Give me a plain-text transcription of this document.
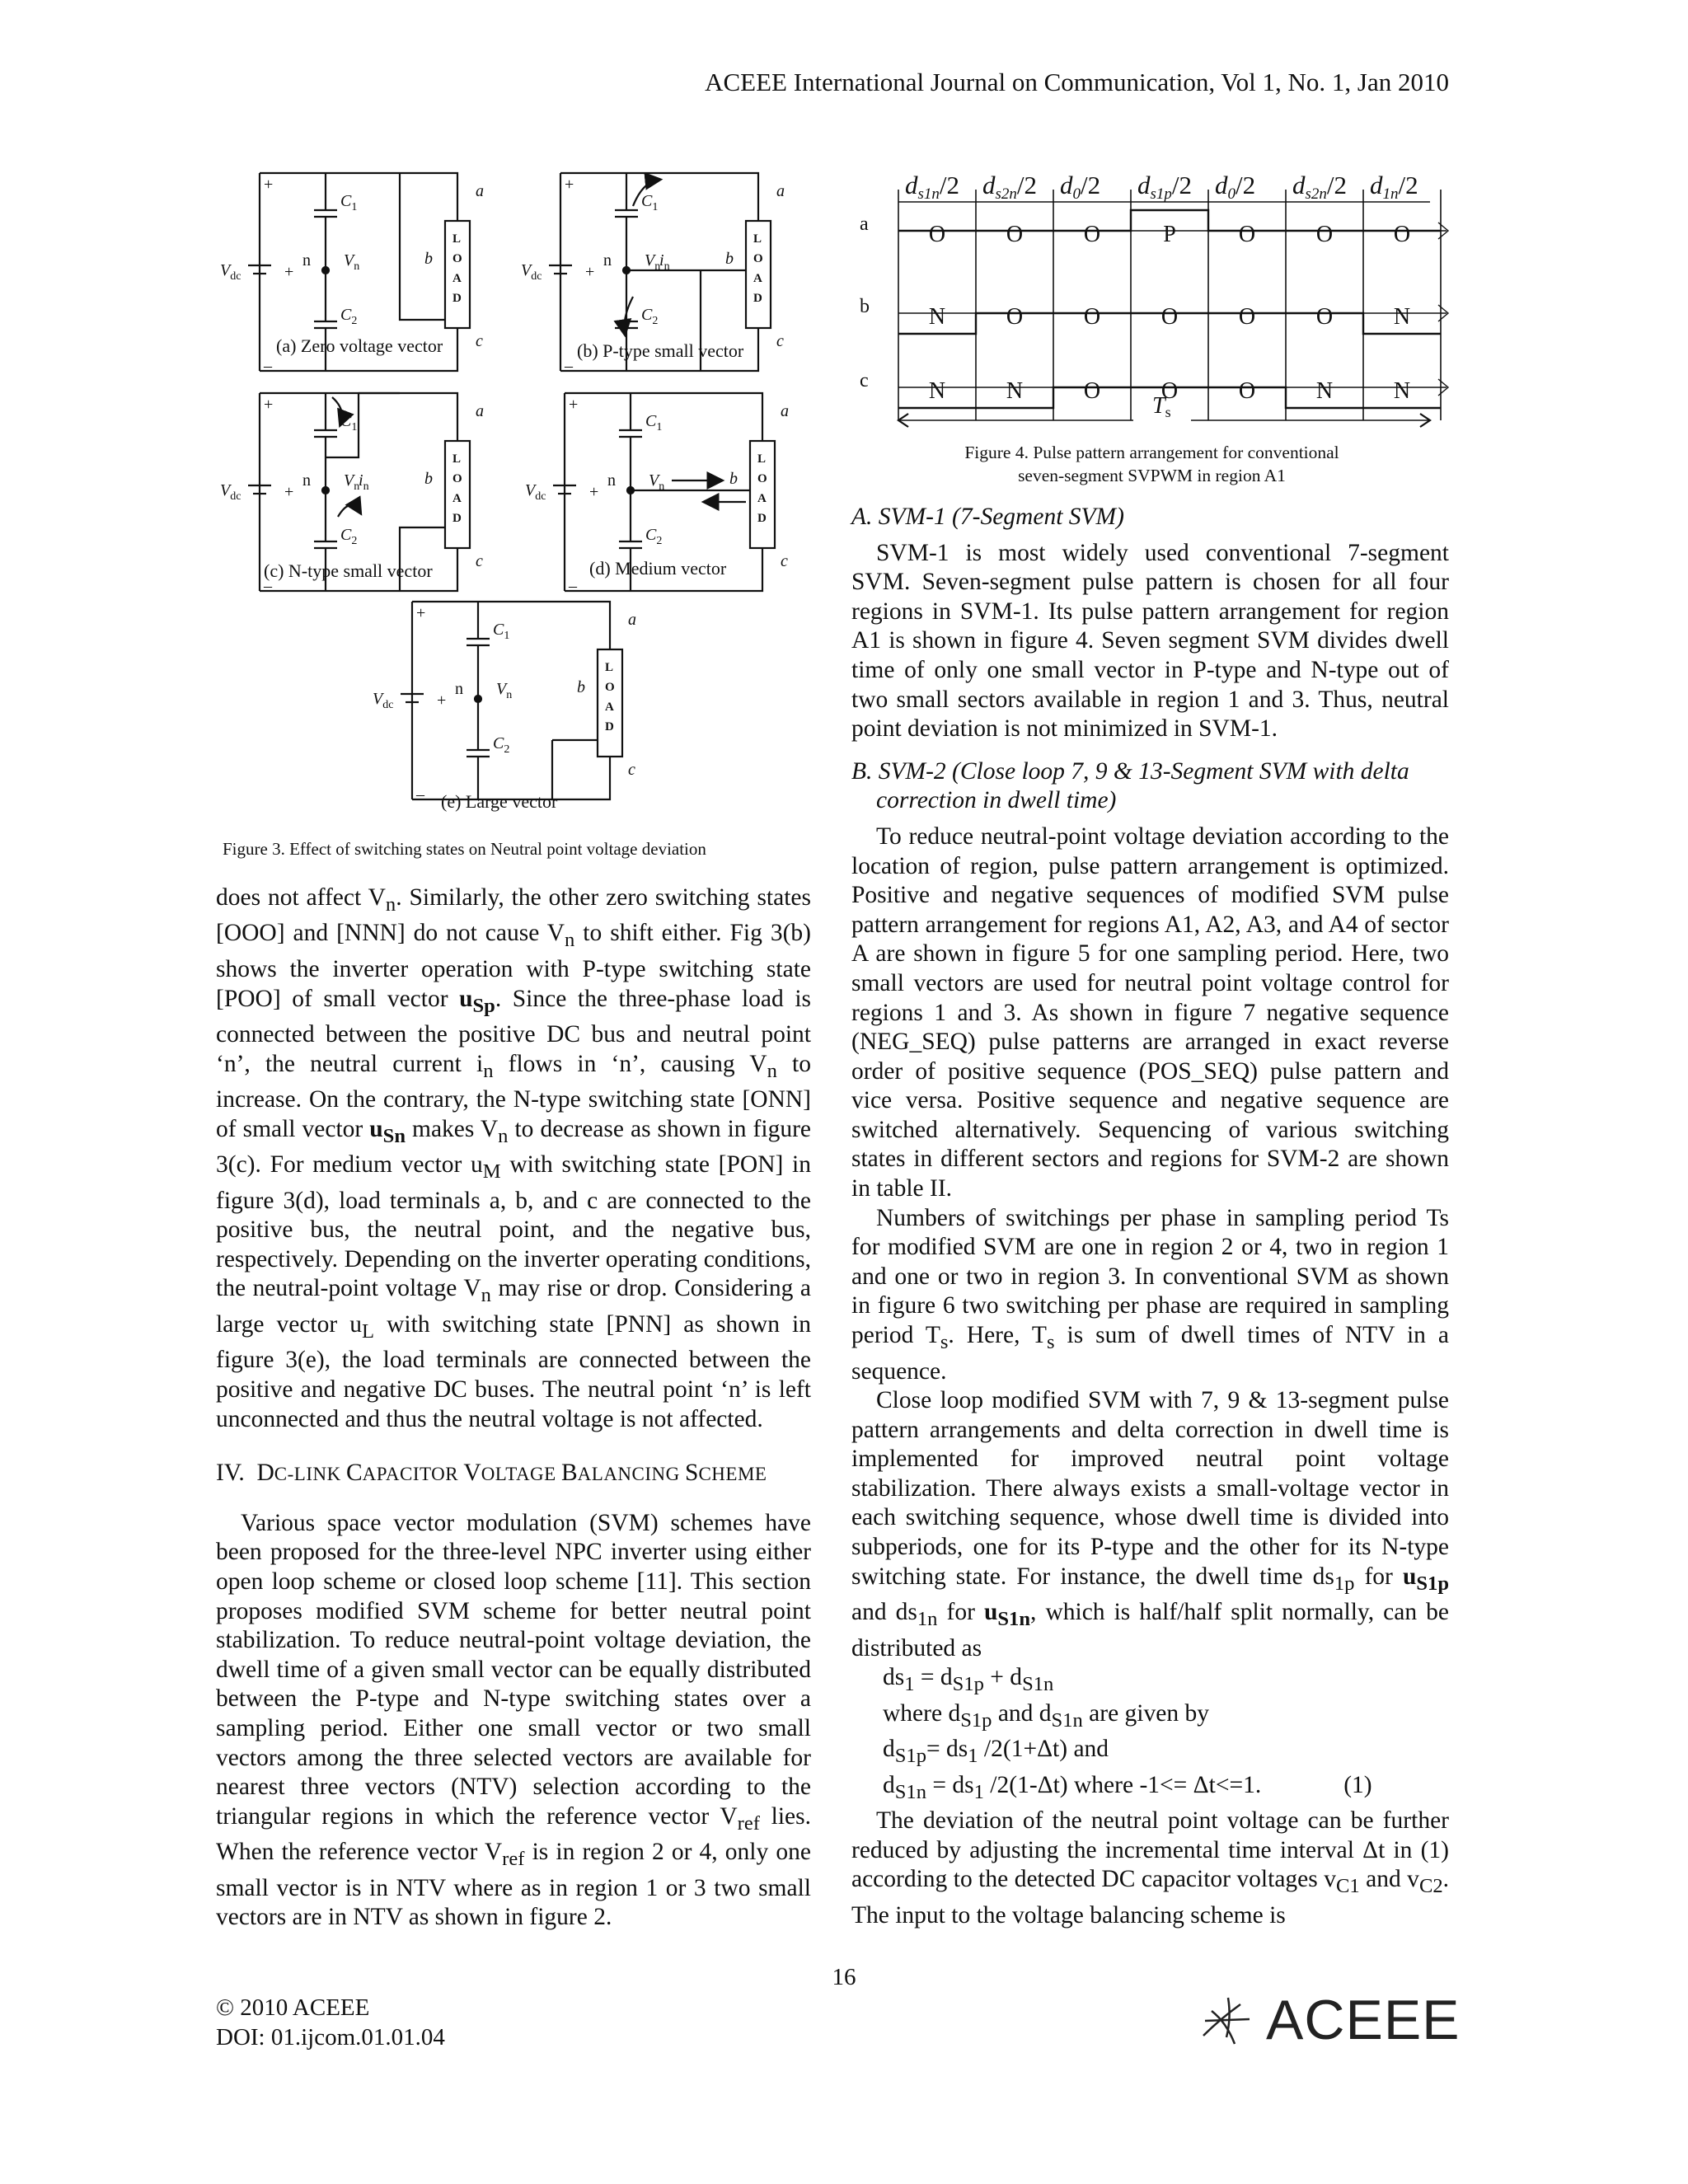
ACEEE International Journal on Communication, Vol 1, No. 1, Jan 2010
L
O
A
D
+
–
+
$V_{dc}$
$C_1$
$C_2$
n $V_n$
a
b
c
L
O
A
D
+
–
+
$V_{dc}$
$C_1$
$C_2$
n $V_n$
$i_n$
a
b
c
L
O
A
D
+
–
+
$V_{dc}$
$C_1$
$C_2$
n $V_n$
$i_n$
a
b
c
L
O
A
D
+
–
+
$V_{dc}$
$C_1$
$C_2$
n $V_n$
a
b
c
L
O
A
D
+
–
+
$V_{dc}$
$C_1$
$C_2$
n $V_n$
a
b
c
(a) Zero voltage vector	(b) P-type small vector
(c) N-type small vector	(d) Medium vector
(e) Large vector
Figure 3. Effect of switching states on Neutral point voltage deviation
ds1n/2 ds2n/2 d0/2 ds1p/2 d0/2 ds2n/2 d1n/2
a	O	O	O	P	O	O	O
b	N	O	O	O	O	O	N
c	N	N	O	O	O	N	N
Ts
Figure 4. Pulse pattern arrangement for conventional
seven-segment SVPWM in region A1

does not affect $V_n$. Similarly, the other zero switching states [OOO] and [NNN] do not cause $V_n$ to shift either. Fig 3(b) shows the inverter operation with P-type switching state [POO] of small vector $u_{Sp}$. Since the three-phase load is connected between the positive DC bus and neutral point ‘n’, the neutral current $i_n$ flows in ‘n’, causing $V_n$ to increase. On the contrary, the N-type switching state [ONN] of small vector $u_{Sn}$ makes $V_n$ to decrease as shown in figure 3(c). For medium vector $u_M$ with switching state [PON] in figure 3(d), load terminals a, b, and c are connected to the positive bus, the neutral point, and the negative bus, respectively. Depending on the inverter operating conditions, the neutral-point voltage $V_n$ may rise or drop. Considering a large vector $u_L$ with switching state [PNN] as shown in figure 3(e), the load terminals are connected between the positive and negative DC buses. The neutral point ‘n’ is left unconnected and thus the neutral voltage is not affected.

IV. DC-LINK CAPACITOR VOLTAGE BALANCING SCHEME

Various space vector modulation (SVM) schemes have been proposed for the three-level NPC inverter using either open loop scheme or closed loop scheme [11]. This section proposes modified SVM scheme for better neutral point stabilization. To reduce neutral-point voltage deviation, the dwell time of a given small vector can be equally distributed between the P-type and N-type switching states over a sampling period. Either one small vector or two small vectors among the three selected vectors are available for nearest three vectors (NTV) selection according to the triangular regions in which the reference vector $V_{ref}$ lies. When the reference vector $V_{ref}$ is in region 2 or 4, only one small vector is in NTV where as in region 1 or 3 two small vectors are in NTV as shown in figure 2.

A. SVM-1 (7-Segment SVM)

SVM-1 is most widely used conventional 7-segment SVM. Seven-segment pulse pattern is chosen for all four regions in SVM-1. Its pulse pattern arrangement for region A1 is shown in figure 4. Seven segment SVM divides dwell time of only one small vector in P-type and N-type out of two small sectors available in region 1 and 3. Thus, neutral point deviation is not minimized in SVM-1.

B. SVM-2 (Close loop 7, 9 & 13-Segment SVM with delta
correction in dwell time)

To reduce neutral-point voltage deviation according to the location of region, pulse pattern arrangement is optimized. Positive and negative sequences of modified SVM pulse pattern arrangement for regions A1, A2, A3, and A4 of sector A are shown in figure 5 for one sampling period. Here, two small vectors are used for neutral point voltage control for regions 1 and 3. As shown in figure 7 negative sequence (NEG_SEQ) pulse patterns are arranged in exact reverse order of positive sequence (POS_SEQ) pulse pattern and vice versa. Positive sequence and negative sequence are switched alternatively. Sequencing of various switching states in different sectors and regions for SVM-2 are shown in table II.

Numbers of switchings per phase in sampling period Ts for modified SVM are one in region 2 or 4, two in region 1 and one or two in region 3. In conventional SVM as shown in figure 6 two switching per phase are required in sampling period $T_s$. Here, $T_s$ is sum of dwell times of NTV in a sequence.

Close loop modified SVM with 7, 9 & 13-segment pulse pattern arrangements and delta correction in dwell time is implemented for improved neutral point voltage stabilization. There always exists a small-voltage vector in each switching sequence, whose dwell time is divided into subperiods, one for its P-type and the other for its N-type switching state. For instance, the dwell time $ds_{1p}$ for $u_{S1p}$ and $ds_{1n}$ for $u_{S1n}$, which is half/half split normally, can be distributed as

$ds_1 = d_{S1p} + d_{S1n}$

where $d_{S1p}$ and $d_{S1n}$ are given by

$d_{S1p}= ds_1$ /2(1+Δt) and

$d_{S1n} = ds_1$ /2(1-Δt) where -1<= Δt<=1.	(1)

The deviation of the neutral point voltage can be further reduced by adjusting the incremental time interval Δt in (1) according to the detected DC capacitor voltages $v_{C1}$ and $v_{C2}$. The input to the voltage balancing scheme is

16
© 2010 ACEEE
DOI: 01.ijcom.01.01.04	ACEEE
